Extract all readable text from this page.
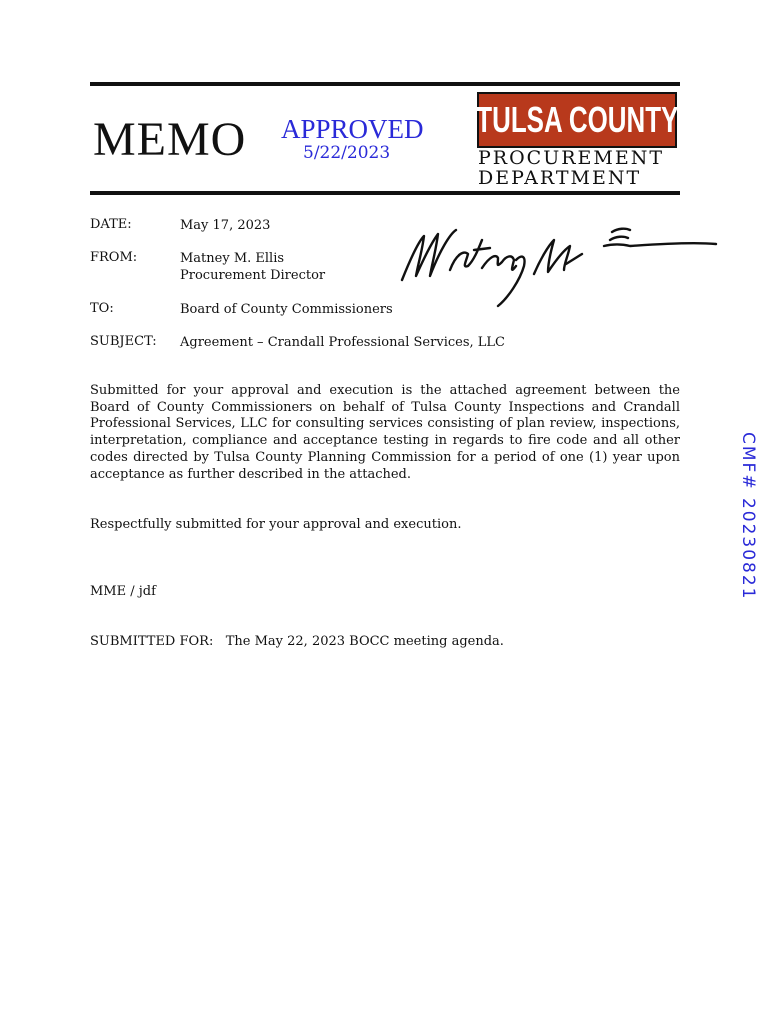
MEMO APPROVED
5/22/2023
TULSA COUNTY
PROCUREMENT
DEPARTMENT
DATE:	May 17, 2023
FROM:	Matney M. Ellis
Procurement Director
TO:	Board of County Commissioners
SUBJECT: Agreement – Crandall Professional Services, LLC
Submitted for your approval and execution is the attached agreement between the Board of County Commissioners on behalf of Tulsa County Inspections and Crandall Professional Services, LLC for consulting services consisting of plan review, inspections, interpretation, compliance and acceptance testing in regards to fire code and all other codes directed by Tulsa County Planning Commission for a period of one (1) year upon acceptance as further described in the attached.
Respectfully submitted for your approval and execution.
MME / jdf
SUBMITTED FOR:   The May 22, 2023 BOCC meeting agenda.
CMF# 20230821
